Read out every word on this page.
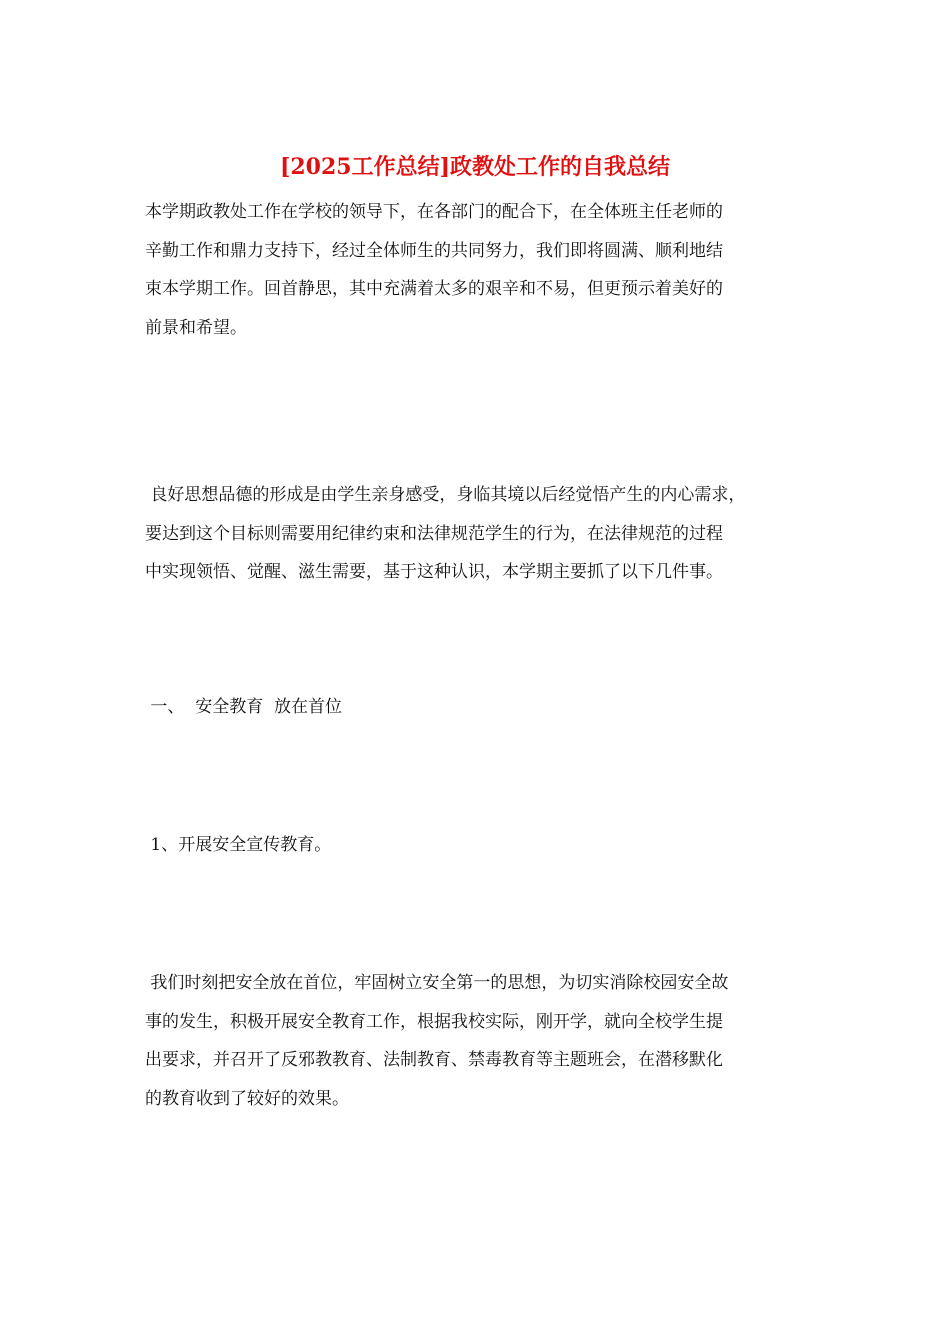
[2025工作总结]政教处工作的自我总结
本学期政教处工作在学校的领导下，在各部门的配合下，在全体班主任老师的
辛勤工作和鼎力支持下，经过全体师生的共同努力，我们即将圆满、顺利地结
束本学期工作。回首静思，其中充满着太多的艰辛和不易，但更预示着美好的
前景和希望。
良好思想品德的形成是由学生亲身感受，身临其境以后经觉悟产生的内心需求，
要达到这个目标则需要用纪律约束和法律规范学生的行为，在法律规范的过程
中实现领悟、觉醒、滋生需要，基于这种认识，本学期主要抓了以下几件事。
一、  安全教育  放在首位
1、开展安全宣传教育。
我们时刻把安全放在首位，牢固树立安全第一的思想，为切实消除校园安全故
事的发生，积极开展安全教育工作，根据我校实际，刚开学，就向全校学生提
出要求，并召开了反邪教教育、法制教育、禁毒教育等主题班会，在潜移默化
的教育收到了较好的效果。
